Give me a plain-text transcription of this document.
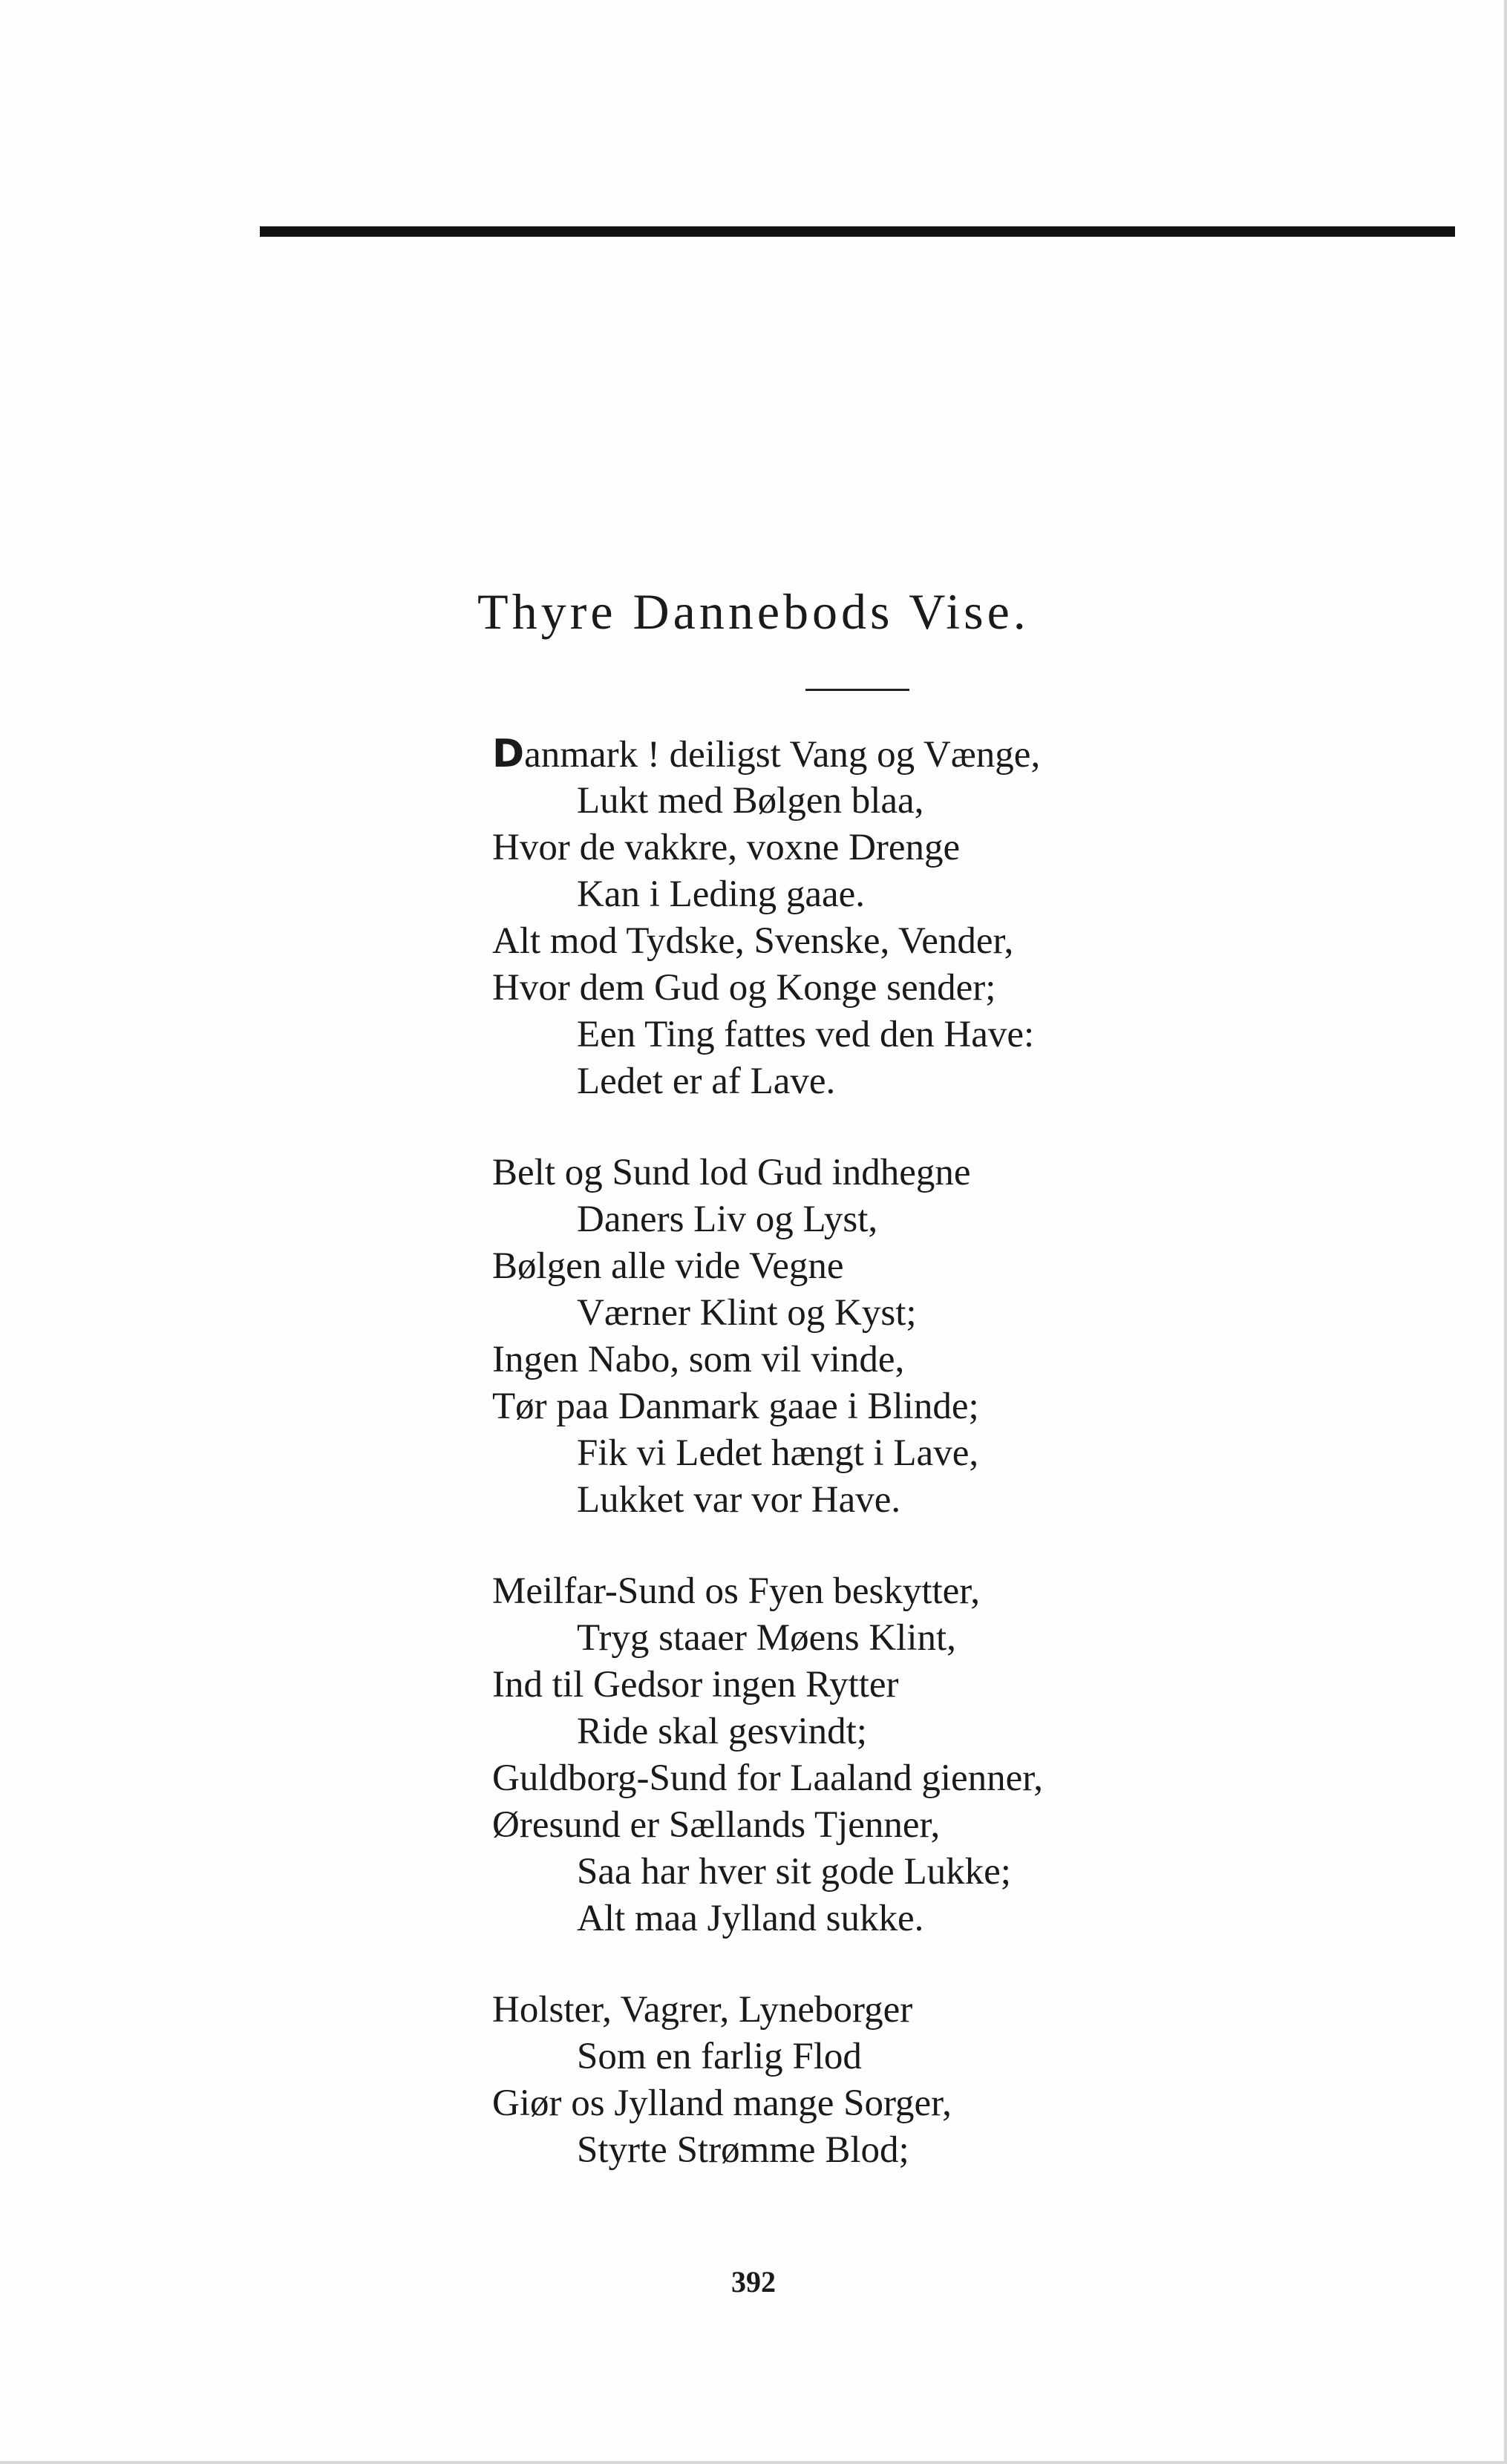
Thyre Dannebods Vise.
Danmark ! deiligst Vang og Vænge,
Lukt med Bølgen blaa,
Hvor de vakkre, voxne Drenge
Kan i Leding gaae.
Alt mod Tydske, Svenske, Vender,
Hvor dem Gud og Konge sender;
Een Ting fattes ved den Have:
Ledet er af Lave.
Belt og Sund lod Gud indhegne
Daners Liv og Lyst,
Bølgen alle vide Vegne
Værner Klint og Kyst;
Ingen Nabo, som vil vinde,
Tør paa Danmark gaae i Blinde;
Fik vi Ledet hængt i Lave,
Lukket var vor Have.
Meilfar-Sund os Fyen beskytter,
Tryg staaer Møens Klint,
Ind til Gedsor ingen Rytter
Ride skal gesvindt;
Guldborg-Sund for Laaland gienner,
Øresund er Sællands Tjenner,
Saa har hver sit gode Lukke;
Alt maa Jylland sukke.
Holster, Vagrer, Lyneborger
Som en farlig Flod
Giør os Jylland mange Sorger,
Styrte Strømme Blod;
392
